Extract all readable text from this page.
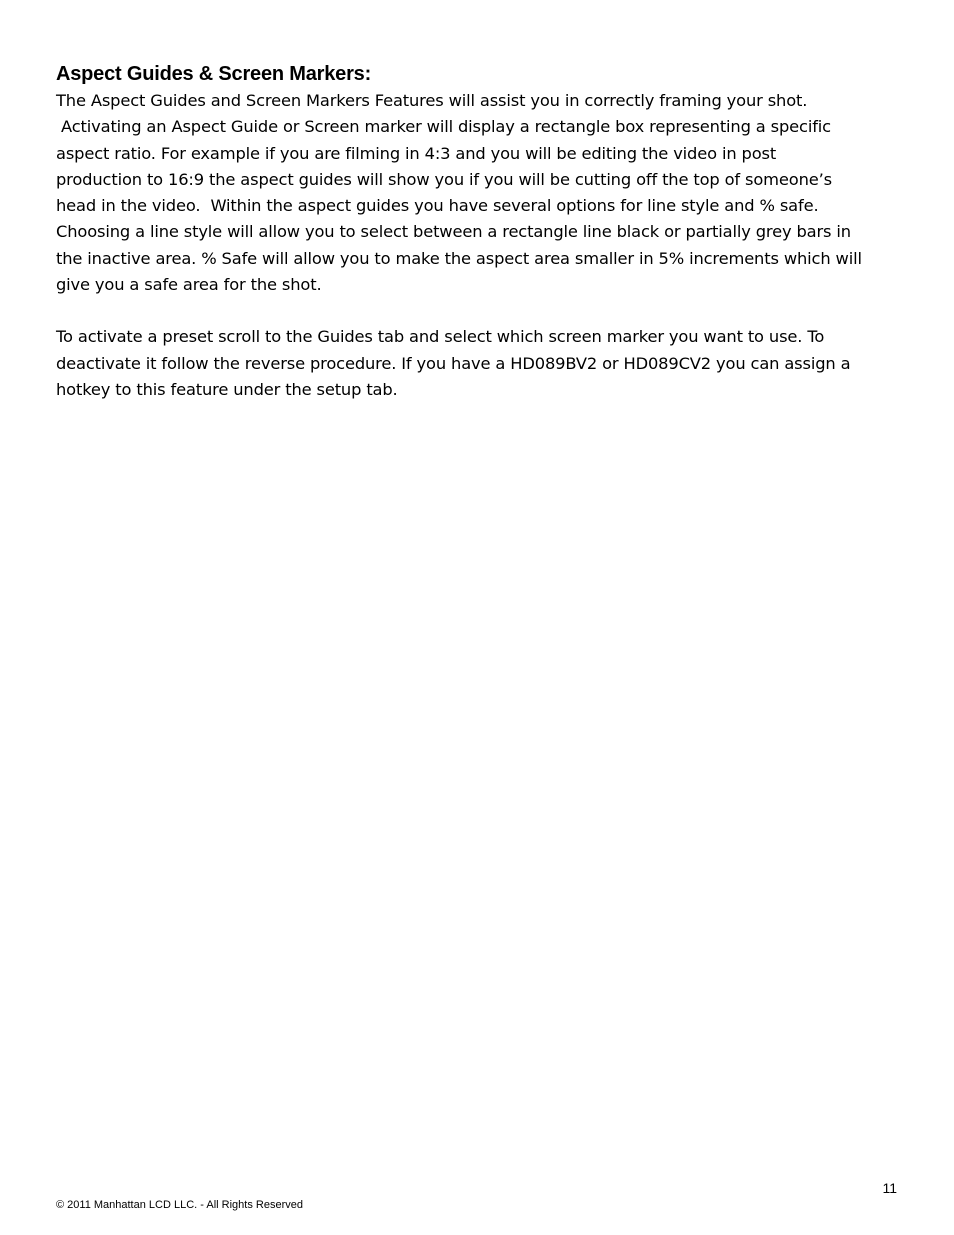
Aspect Guides & Screen Markers:

The Aspect Guides and Screen Markers Features will assist you in correctly framing your shot.
Activating an Aspect Guide or Screen marker will display a rectangle box representing a specific
aspect ratio. For example if you are filming in 4:3 and you will be editing the video in post
production to 16:9 the aspect guides will show you if you will be cutting off the top of someone’s
head in the video.  Within the aspect guides you have several options for line style and % safe.
Choosing a line style will allow you to select between a rectangle line black or partially grey bars in
the inactive area. % Safe will allow you to make the aspect area smaller in 5% increments which will
give you a safe area for the shot.

To activate a preset scroll to the Guides tab and select which screen marker you want to use. To
deactivate it follow the reverse procedure. If you have a HD089BV2 or HD089CV2 you can assign a
hotkey to this feature under the setup tab.

11
© 2011 Manhattan LCD LLC. - All Rights Reserved
